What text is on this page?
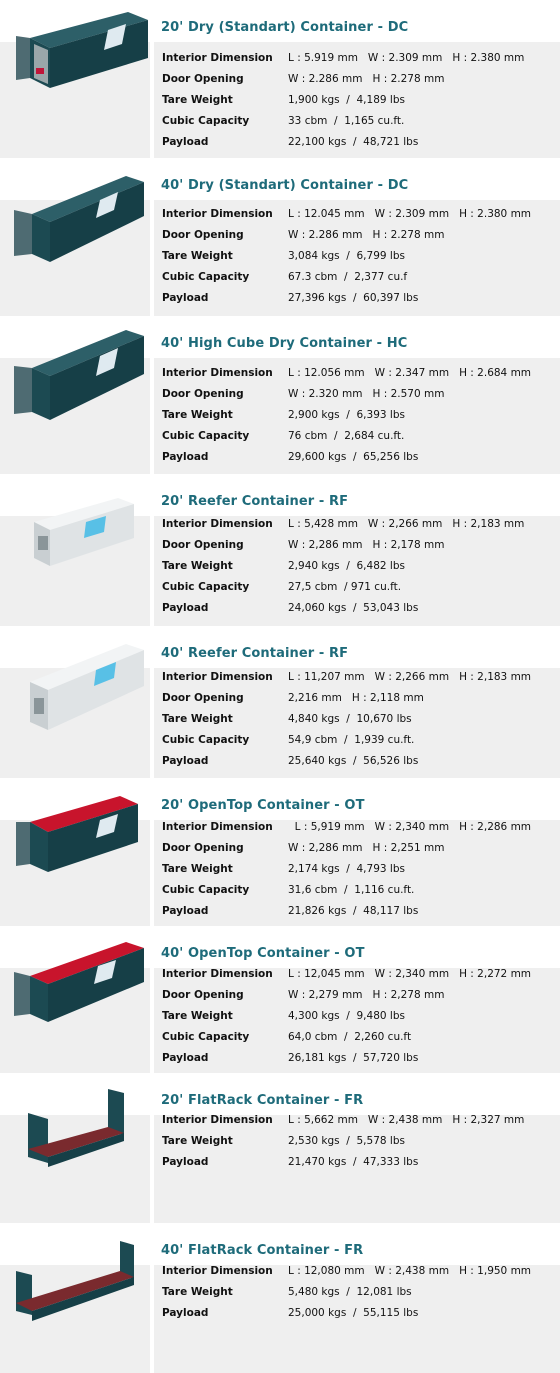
20' Dry (Standart) Container - DC
Interior Dimension	L : 5.919 mm   W : 2.309 mm   H : 2.380 mm
Door Opening	W : 2.286 mm   H : 2.278 mm
Tare Weight	1,900 kgs  /  4,189 lbs
Cubic Capacity	33 cbm  /  1,165 cu.ft.
Payload	22,100 kgs  /  48,721 lbs
40' Dry (Standart) Container - DC
Interior Dimension	L : 12.045 mm   W : 2.309 mm   H : 2.380 mm
Door Opening	W : 2.286 mm   H : 2.278 mm
Tare Weight	3,084 kgs  /  6,799 lbs
Cubic Capacity	67.3 cbm  /  2,377 cu.f
Payload	27,396 kgs  /  60,397 lbs
40' High Cube Dry Container - HC
Interior Dimension	L : 12.056 mm   W : 2.347 mm   H : 2.684 mm
Door Opening	W : 2.320 mm   H : 2.570 mm
Tare Weight	2,900 kgs  /  6,393 lbs
Cubic Capacity	76 cbm  /  2,684 cu.ft.
Payload	29,600 kgs  /  65,256 lbs
20' Reefer Container - RF
Interior Dimension	L : 5,428 mm   W : 2,266 mm   H : 2,183 mm
Door Opening	W : 2,286 mm   H : 2,178 mm
Tare Weight	2,940 kgs  /  6,482 lbs
Cubic Capacity	27,5 cbm  / 971 cu.ft.
Payload	24,060 kgs  /  53,043 lbs
40' Reefer Container - RF
Interior Dimension	L : 11,207 mm   W : 2,266 mm   H : 2,183 mm
Door Opening	2,216 mm   H : 2,118 mm
Tare Weight	4,840 kgs  /  10,670 lbs
Cubic Capacity	54,9 cbm  /  1,939 cu.ft.
Payload	25,640 kgs  /  56,526 lbs
20' OpenTop Container - OT
Interior Dimension	L : 5,919 mm   W : 2,340 mm   H : 2,286 mm
Door Opening	W : 2,286 mm   H : 2,251 mm
Tare Weight	2,174 kgs  /  4,793 lbs
Cubic Capacity	31,6 cbm  /  1,116 cu.ft.
Payload	21,826 kgs  /  48,117 lbs
40' OpenTop Container - OT
Interior Dimension	L : 12,045 mm   W : 2,340 mm   H : 2,272 mm
Door Opening	W : 2,279 mm   H : 2,278 mm
Tare Weight	4,300 kgs  /  9,480 lbs
Cubic Capacity	64,0 cbm  /  2,260 cu.ft
Payload	26,181 kgs  /  57,720 lbs
20' FlatRack Container - FR
Interior Dimension	L : 5,662 mm   W : 2,438 mm   H : 2,327 mm
Tare Weight	2,530 kgs  /  5,578 lbs
Payload	21,470 kgs  /  47,333 lbs
40' FlatRack Container - FR
Interior Dimension	L : 12,080 mm   W : 2,438 mm   H : 1,950 mm
Tare Weight	5,480 kgs  /  12,081 lbs
Payload	25,000 kgs  /  55,115 lbs
